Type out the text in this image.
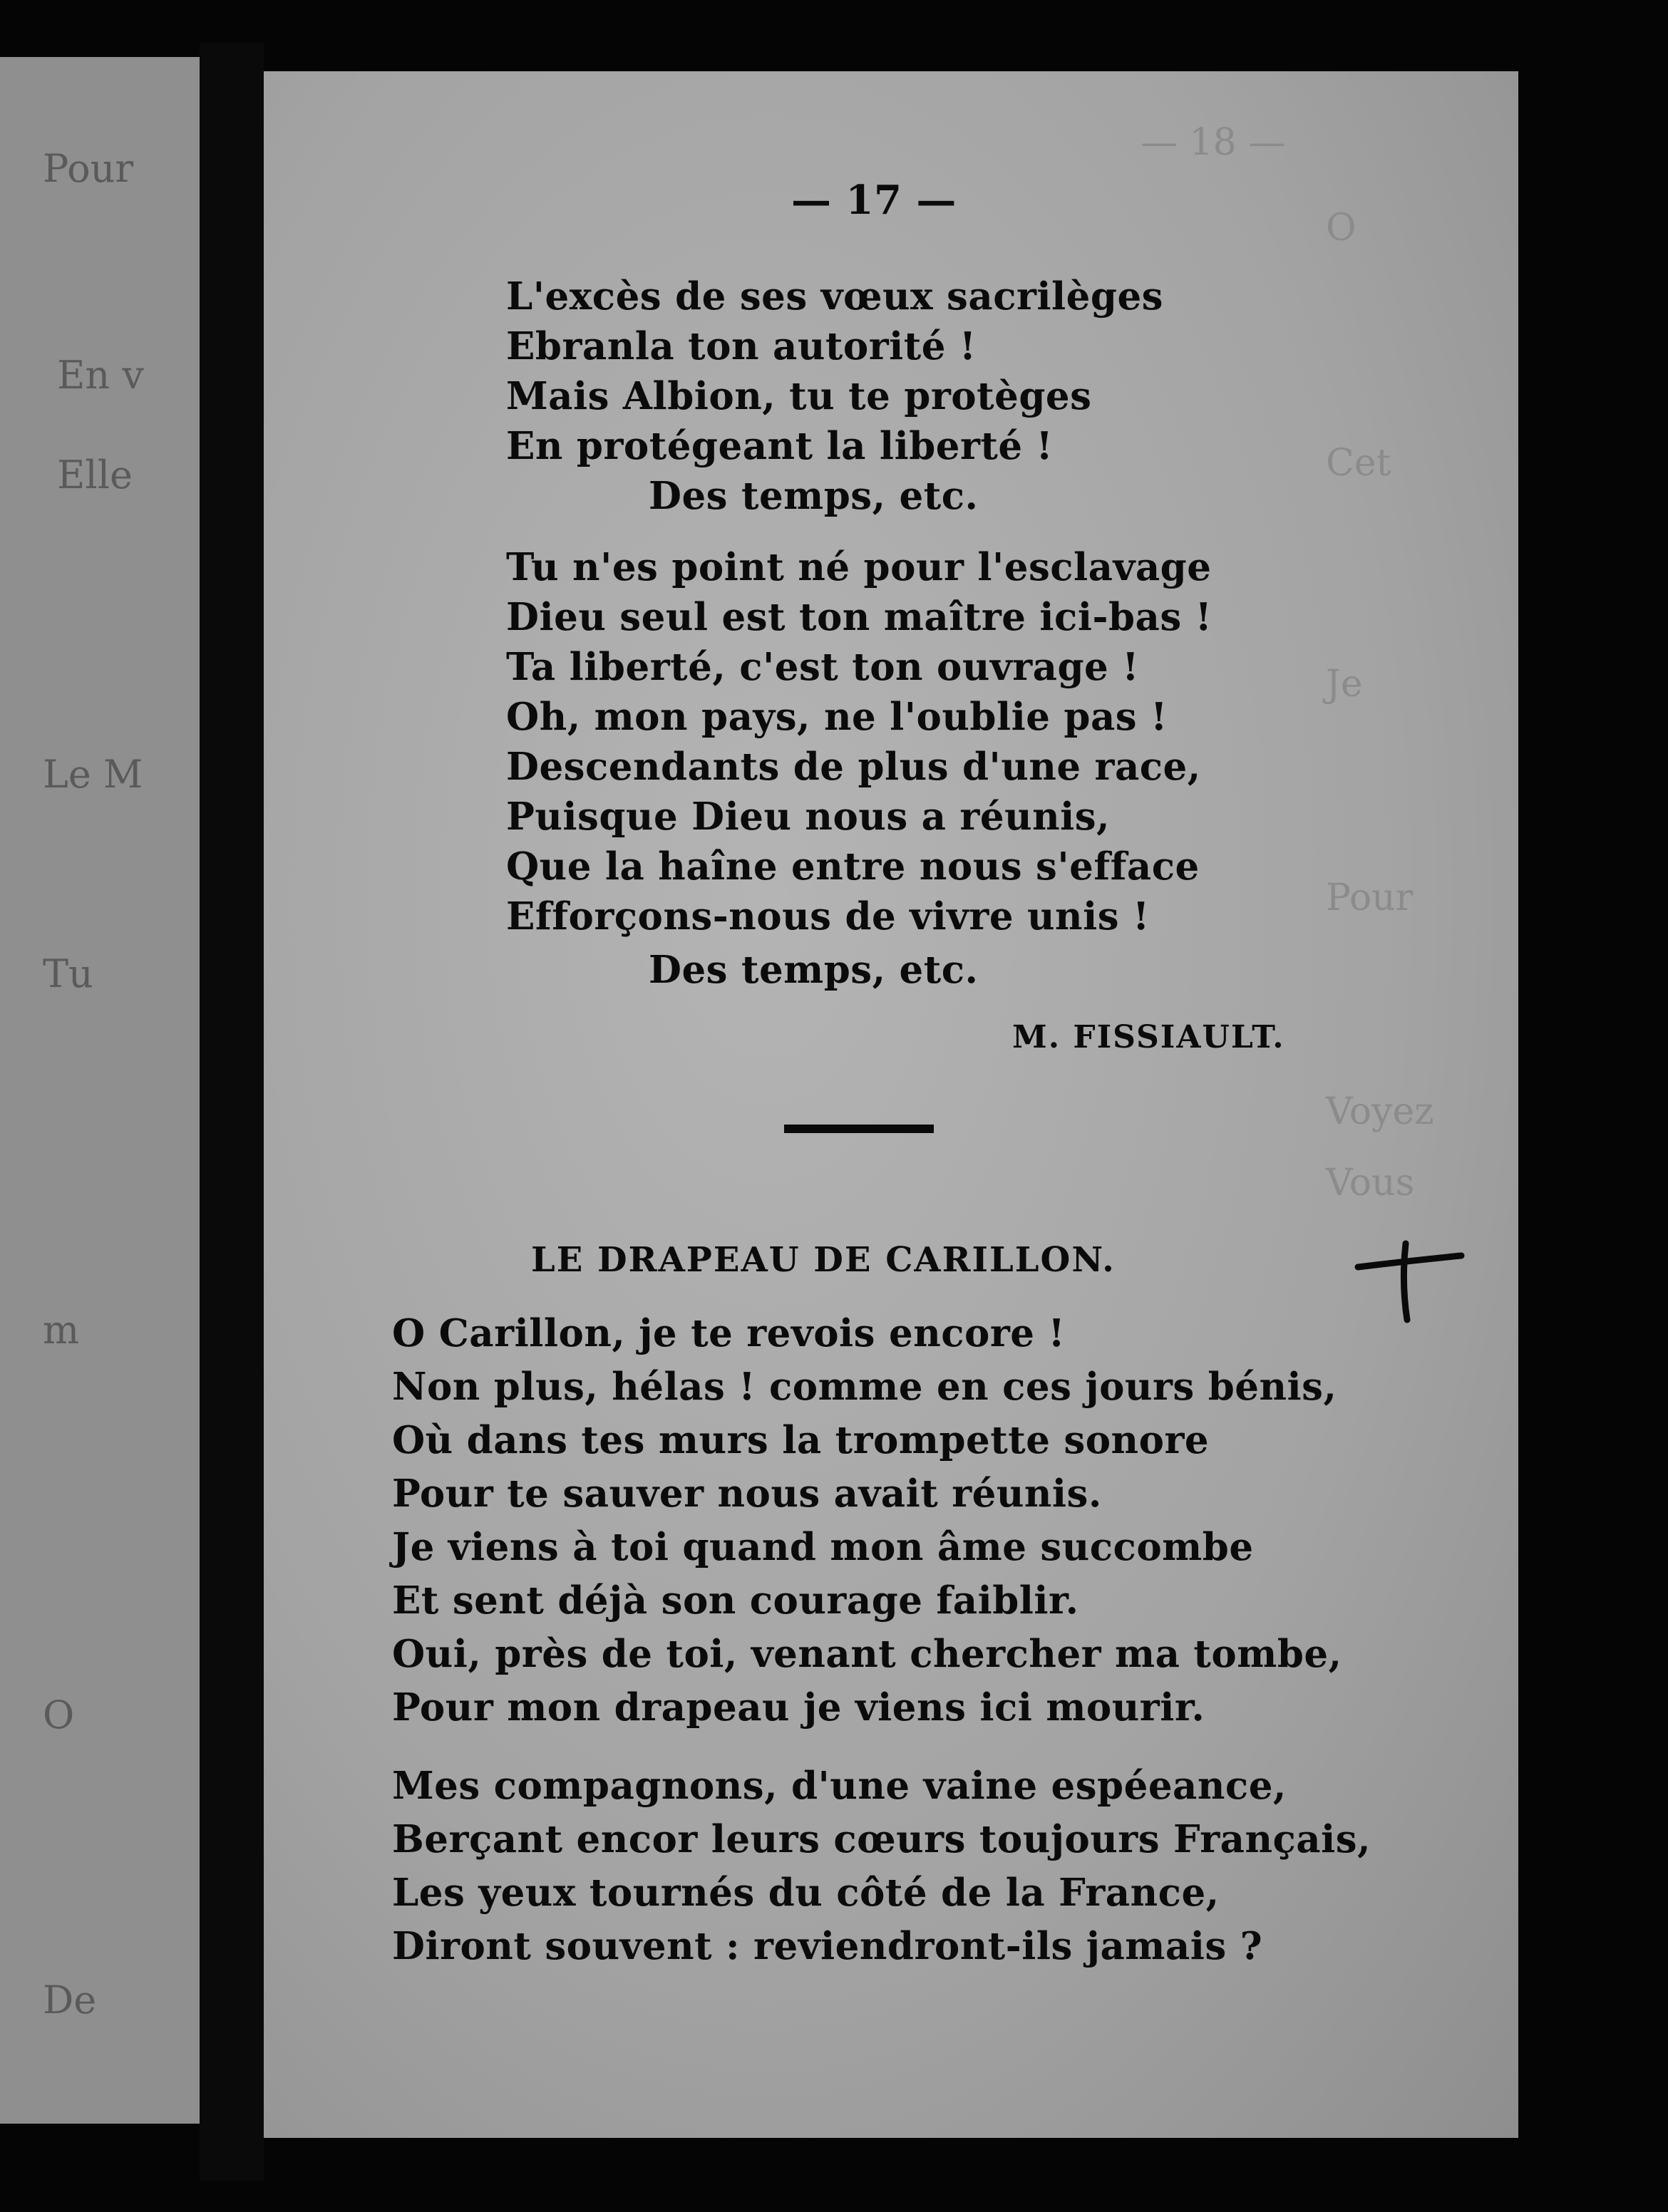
Pour
En v
Elle
Le M
Tu
m
O
De
— 18 —
O
Cet
Je
Pour
Voyez
Vous
— 17 —
L'excès de ses vœux sacrilèges
Ebranla ton autorité !
Mais Albion, tu te protèges
En protégeant la liberté !
Des temps, etc.
Tu n'es point né pour l'esclavage
Dieu seul est ton maître ici-bas !
Ta liberté, c'est ton ouvrage !
Oh, mon pays, ne l'oublie pas !
Descendants de plus d'une race,
Puisque Dieu nous a réunis,
Que la haîne entre nous s'efface
Efforçons-nous de vivre unis !
Des temps, etc.
M. FISSIAULT.
LE DRAPEAU DE CARILLON.
O Carillon, je te revois encore !
Non plus, hélas ! comme en ces jours bénis,
Où dans tes murs la trompette sonore
Pour te sauver nous avait réunis.
Je viens à toi quand mon âme succombe
Et sent déjà son courage faiblir.
Oui, près de toi, venant chercher ma tombe,
Pour mon drapeau je viens ici mourir.
Mes compagnons, d'une vaine espéeance,
Berçant encor leurs cœurs toujours Français,
Les yeux tournés du côté de la France,
Diront souvent : reviendront-ils jamais ?
